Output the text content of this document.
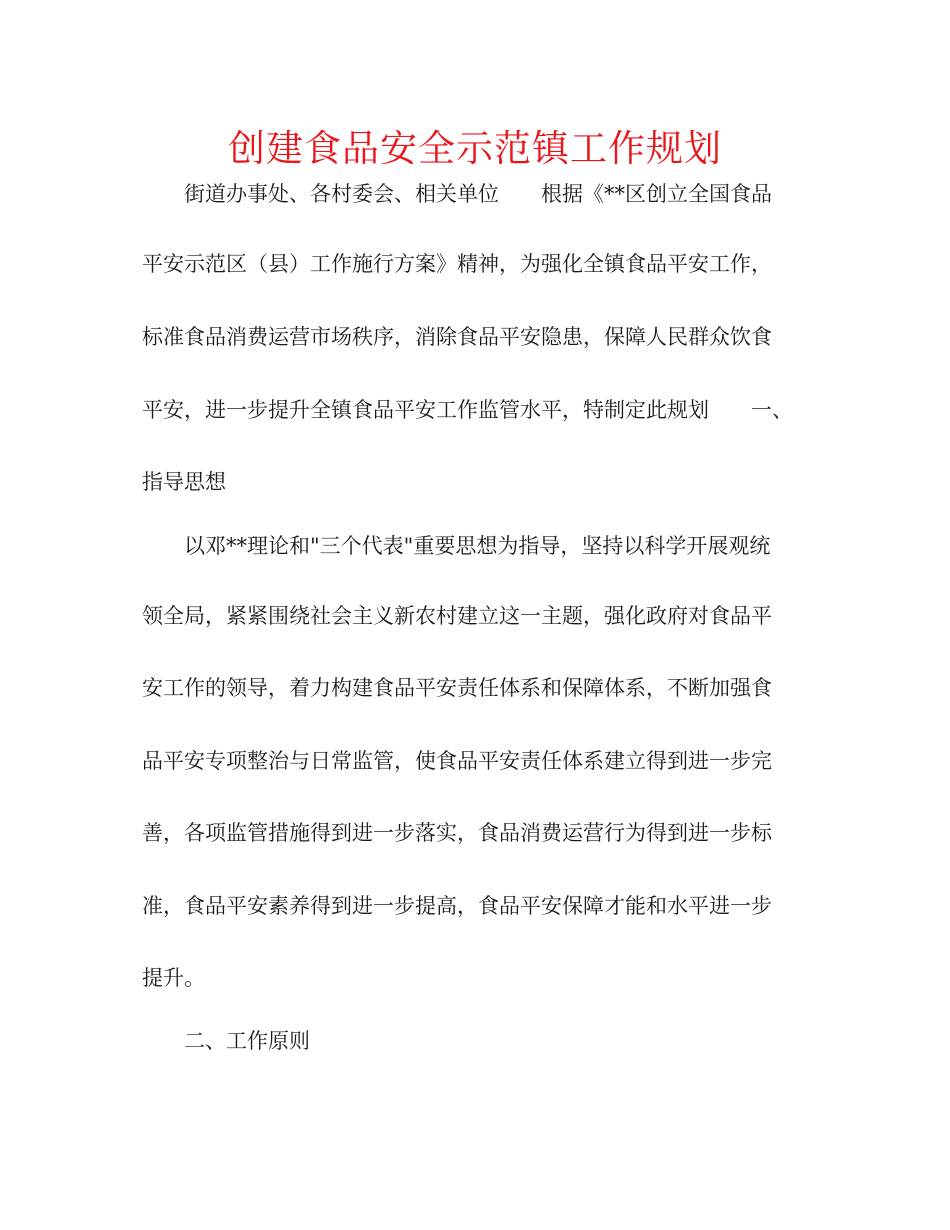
创建食品安全示范镇工作规划
　　街道办事处、各村委会、相关单位　　根据《**区创立全国食品
平安示范区（县）工作施行方案》精神，为强化全镇食品平安工作，
标准食品消费运营市场秩序，消除食品平安隐患，保障人民群众饮食
平安，进一步提升全镇食品平安工作监管水平，特制定此规划　　一、
指导思想
　　以邓**理论和"三个代表"重要思想为指导，坚持以科学开展观统
领全局，紧紧围绕社会主义新农村建立这一主题，强化政府对食品平
安工作的领导，着力构建食品平安责任体系和保障体系，不断加强食
品平安专项整治与日常监管，使食品平安责任体系建立得到进一步完
善，各项监管措施得到进一步落实，食品消费运营行为得到进一步标
准，食品平安素养得到进一步提高，食品平安保障才能和水平进一步
提升。
　　二、工作原则
